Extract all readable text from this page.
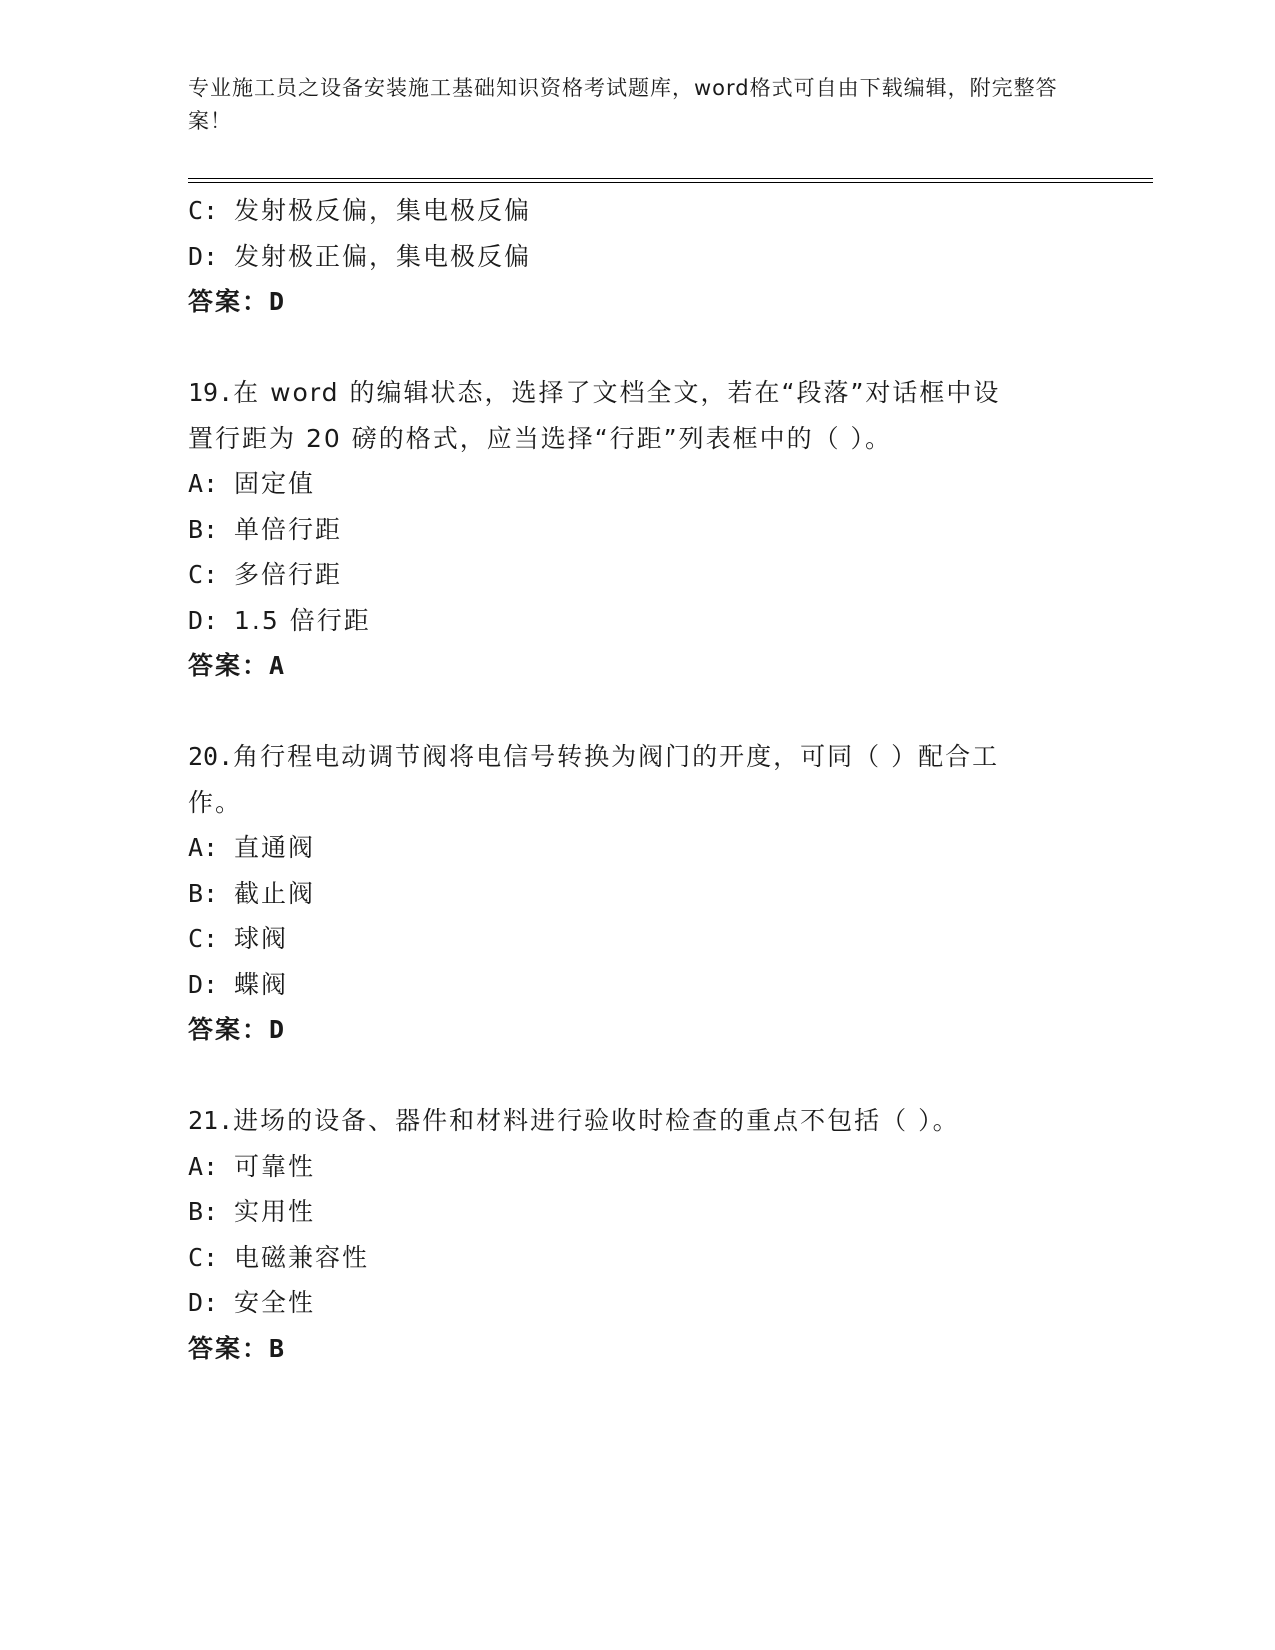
专业施工员之设备安装施工基础知识资格考试题库，word格式可自由下载编辑，附完整答案！
C: 发射极反偏，集电极反偏
D: 发射极正偏，集电极反偏
答案：D
19.在 word 的编辑状态，选择了文档全文，若在“段落”对话框中设
置行距为 20 磅的格式，应当选择“行距”列表框中的（ ）。
A: 固定值
B: 单倍行距
C: 多倍行距
D: 1.5 倍行距
答案：A
20.角行程电动调节阀将电信号转换为阀门的开度，可同（ ）配合工
作。
A: 直通阀
B: 截止阀
C: 球阀
D: 蝶阀
答案：D
21.进场的设备、器件和材料进行验收时检查的重点不包括（ ）。
A: 可靠性
B: 实用性
C: 电磁兼容性
D: 安全性
答案：B
